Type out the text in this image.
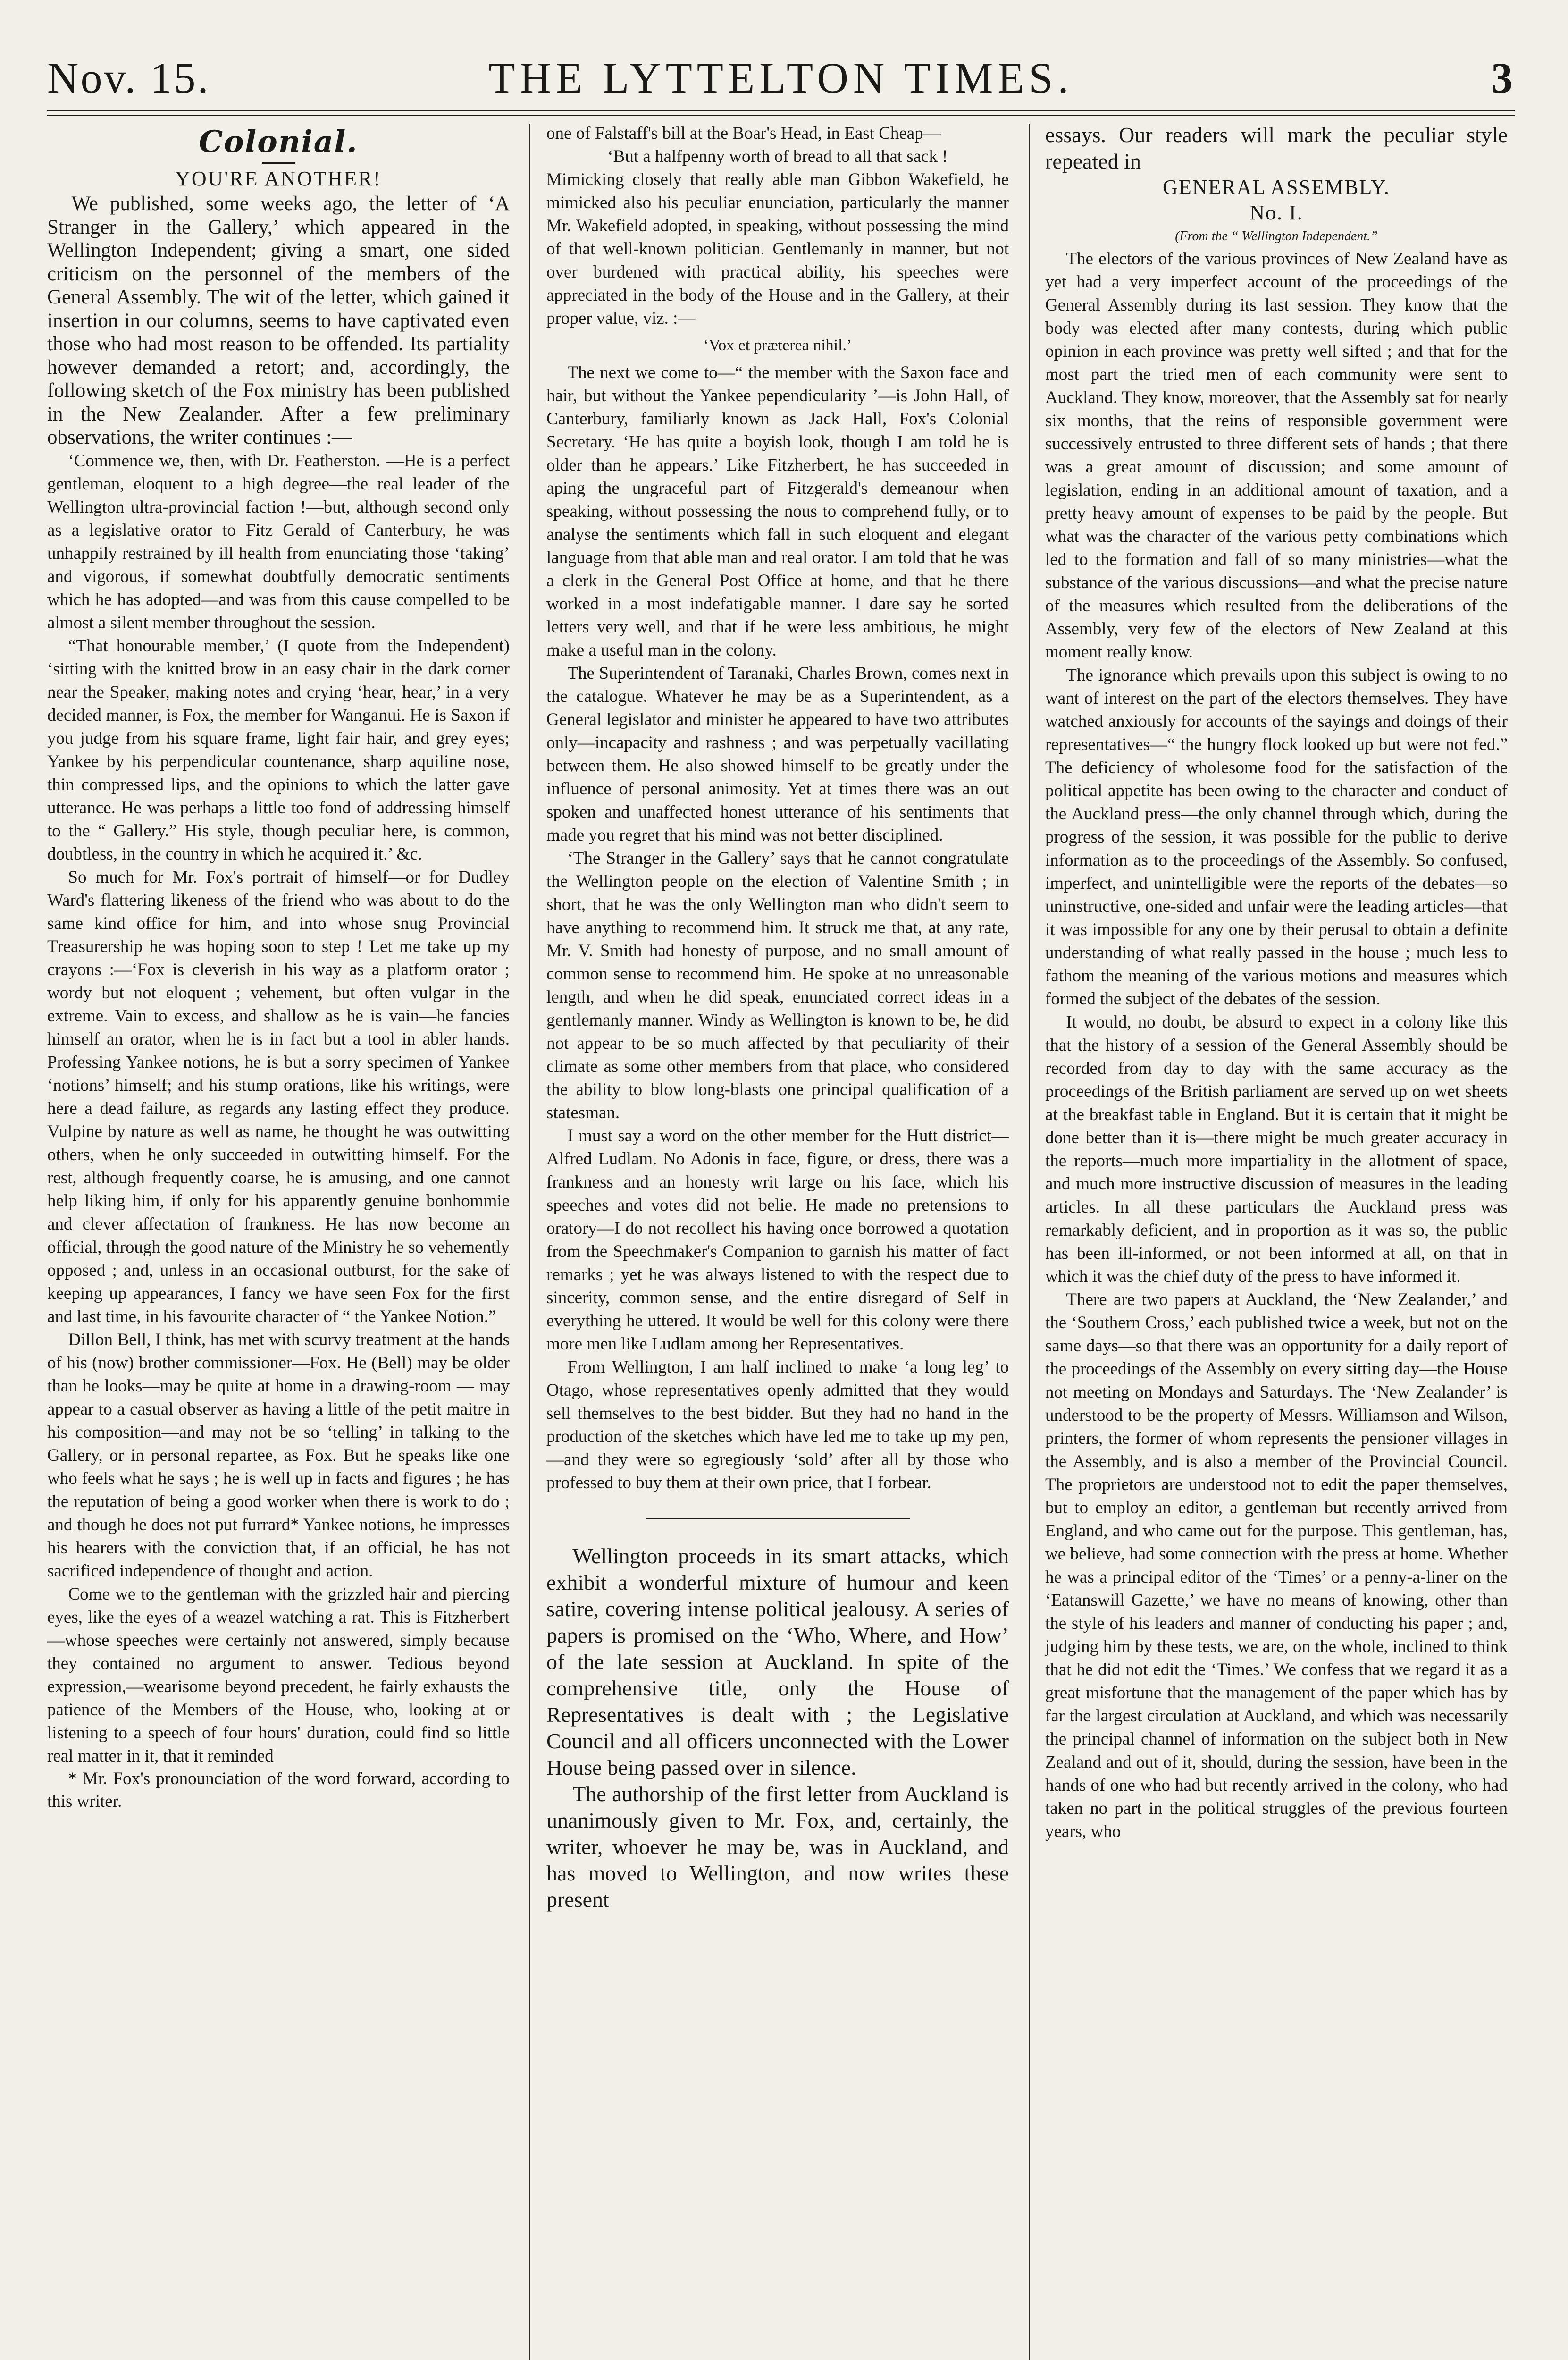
THE LYTTELTON TIMES.
Nov. 15.	3
Colonial.
YOU'RE ANOTHER!

We published, some weeks ago, the letter of ‘A Stranger in the Gallery,’ which appeared in the Wellington Independent; giving a smart, one sided criticism on the personnel of the members of the General Assembly. The wit of the letter, which gained it insertion in our columns, seems to have captivated even those who had most reason to be offended. Its partiality however demanded a retort; and, accordingly, the following sketch of the Fox ministry has been published in the New Zealander. After a few preliminary observations, the writer continues :—

‘Commence we, then, with Dr. Featherston. —He is a perfect gentleman, eloquent to a high degree—the real leader of the Wellington ultra-provincial faction !—but, although second only as a legislative orator to Fitz Gerald of Canterbury, he was unhappily restrained by ill health from enunciating those ‘taking’ and vigorous, if somewhat doubtfully democratic sentiments which he has adopted—and was from this cause compelled to be almost a silent member throughout the session.

“That honourable member,’ (I quote from the Independent) ‘sitting with the knitted brow in an easy chair in the dark corner near the Speaker, making notes and crying ‘hear, hear,’ in a very decided manner, is Fox, the member for Wanganui. He is Saxon if you judge from his square frame, light fair hair, and grey eyes; Yankee by his perpendicular countenance, sharp aquiline nose, thin compressed lips, and the opinions to which the latter gave utterance. He was perhaps a little too fond of addressing himself to the “ Gallery.” His style, though peculiar here, is common, doubtless, in the country in which he acquired it.’ &c.

So much for Mr. Fox's portrait of himself—or for Dudley Ward's flattering likeness of the friend who was about to do the same kind office for him, and into whose snug Provincial Treasurership he was hoping soon to step ! Let me take up my crayons :—‘Fox is cleverish in his way as a platform orator ; wordy but not eloquent ; vehement, but often vulgar in the extreme. Vain to excess, and shallow as he is vain—he fancies himself an orator, when he is in fact but a tool in abler hands. Professing Yankee notions, he is but a sorry specimen of Yankee ‘notions’ himself; and his stump orations, like his writings, were here a dead failure, as regards any lasting effect they produce. Vulpine by nature as well as name, he thought he was outwitting others, when he only succeeded in outwitting himself. For the rest, although frequently coarse, he is amusing, and one cannot help liking him, if only for his apparently genuine bonhommie and clever affectation of frankness. He has now become an official, through the good nature of the Ministry he so vehemently opposed ; and, unless in an occasional outburst, for the sake of keeping up appearances, I fancy we have seen Fox for the first and last time, in his favourite character of “ the Yankee Notion.”

Dillon Bell, I think, has met with scurvy treatment at the hands of his (now) brother commissioner—Fox. He (Bell) may be older than he looks—may be quite at home in a drawing-room — may appear to a casual observer as having a little of the petit maitre in his composition—and may not be so ‘telling’ in talking to the Gallery, or in personal repartee, as Fox. But he speaks like one who feels what he says ; he is well up in facts and figures ; he has the reputation of being a good worker when there is work to do ; and though he does not put furrard* Yankee notions, he impresses his hearers with the conviction that, if an official, he has not sacrificed independence of thought and action.

Come we to the gentleman with the grizzled hair and piercing eyes, like the eyes of a weazel watching a rat. This is Fitzherbert—whose speeches were certainly not answered, simply because they contained no argument to answer. Tedious beyond expression,—wearisome beyond precedent, he fairly exhausts the patience of the Members of the House, who, looking at or listening to a speech of four hours' duration, could find so little real matter in it, that it reminded

* Mr. Fox's pronounciation of the word forward, according to this writer.

one of Falstaff's bill at the Boar's Head, in East Cheap—

‘But a halfpenny worth of bread to all that sack !

Mimicking closely that really able man Gibbon Wakefield, he mimicked also his peculiar enunciation, particularly the manner Mr. Wakefield adopted, in speaking, without possessing the mind of that well-known politician. Gentlemanly in manner, but not over burdened with practical ability, his speeches were appreciated in the body of the House and in the Gallery, at their proper value, viz. :—

‘Vox et præterea nihil.’

The next we come to—“ the member with the Saxon face and hair, but without the Yankee pependicularity ’—is John Hall, of Canterbury, familiarly known as Jack Hall, Fox's Colonial Secretary. ‘He has quite a boyish look, though I am told he is older than he appears.’ Like Fitzherbert, he has succeeded in aping the ungraceful part of Fitzgerald's demeanour when speaking, without possessing the nous to comprehend fully, or to analyse the sentiments which fall in such eloquent and elegant language from that able man and real orator. I am told that he was a clerk in the General Post Office at home, and that he there worked in a most indefatigable manner. I dare say he sorted letters very well, and that if he were less ambitious, he might make a useful man in the colony.

The Superintendent of Taranaki, Charles Brown, comes next in the catalogue. Whatever he may be as a Superintendent, as a General legislator and minister he appeared to have two attributes only—incapacity and rashness ; and was perpetually vacillating between them. He also showed himself to be greatly under the influence of personal animosity. Yet at times there was an out spoken and unaffected honest utterance of his sentiments that made you regret that his mind was not better disciplined.

‘The Stranger in the Gallery’ says that he cannot congratulate the Wellington people on the election of Valentine Smith ; in short, that he was the only Wellington man who didn't seem to have anything to recommend him. It struck me that, at any rate, Mr. V. Smith had honesty of purpose, and no small amount of common sense to recommend him. He spoke at no unreasonable length, and when he did speak, enunciated correct ideas in a gentlemanly manner. Windy as Wellington is known to be, he did not appear to be so much affected by that peculiarity of their climate as some other members from that place, who considered the ability to blow long-blasts one principal qualification of a statesman.

I must say a word on the other member for the Hutt district—Alfred Ludlam. No Adonis in face, figure, or dress, there was a frankness and an honesty writ large on his face, which his speeches and votes did not belie. He made no pretensions to oratory—I do not recollect his having once borrowed a quotation from the Speechmaker's Companion to garnish his matter of fact remarks ; yet he was always listened to with the respect due to sincerity, common sense, and the entire disregard of Self in everything he uttered. It would be well for this colony were there more men like Ludlam among her Representatives.

From Wellington, I am half inclined to make ‘a long leg’ to Otago, whose representatives openly admitted that they would sell themselves to the best bidder. But they had no hand in the production of the sketches which have led me to take up my pen,—and they were so egregiously ‘sold’ after all by those who professed to buy them at their own price, that I forbear.

Wellington proceeds in its smart attacks, which exhibit a wonderful mixture of humour and keen satire, covering intense political jealousy. A series of papers is promised on the ‘Who, Where, and How’ of the late session at Auckland. In spite of the comprehensive title, only the House of Representatives is dealt with ; the Legislative Council and all officers unconnected with the Lower House being passed over in silence.

The authorship of the first letter from Auckland is unanimously given to Mr. Fox, and, certainly, the writer, whoever he may be, was in Auckland, and has moved to Wellington, and now writes these present

essays. Our readers will mark the peculiar style repeated in

GENERAL ASSEMBLY.
No. I.
(From the “ Wellington Independent.”

The electors of the various provinces of New Zealand have as yet had a very imperfect account of the proceedings of the General Assembly during its last session. They know that the body was elected after many contests, during which public opinion in each province was pretty well sifted ; and that for the most part the tried men of each community were sent to Auckland. They know, moreover, that the Assembly sat for nearly six months, that the reins of responsible government were successively entrusted to three different sets of hands ; that there was a great amount of discussion; and some amount of legislation, ending in an additional amount of taxation, and a pretty heavy amount of expenses to be paid by the people. But what was the character of the various petty combinations which led to the formation and fall of so many ministries—what the substance of the various discussions—and what the precise nature of the measures which resulted from the deliberations of the Assembly, very few of the electors of New Zealand at this moment really know.

The ignorance which prevails upon this subject is owing to no want of interest on the part of the electors themselves. They have watched anxiously for accounts of the sayings and doings of their representatives—“ the hungry flock looked up but were not fed.” The deficiency of wholesome food for the satisfaction of the political appetite has been owing to the character and conduct of the Auckland press—the only channel through which, during the progress of the session, it was possible for the public to derive information as to the proceedings of the Assembly. So confused, imperfect, and unintelligible were the reports of the debates—so uninstructive, one-sided and unfair were the leading articles—that it was impossible for any one by their perusal to obtain a definite understanding of what really passed in the house ; much less to fathom the meaning of the various motions and measures which formed the subject of the debates of the session.

It would, no doubt, be absurd to expect in a colony like this that the history of a session of the General Assembly should be recorded from day to day with the same accuracy as the proceedings of the British parliament are served up on wet sheets at the breakfast table in England. But it is certain that it might be done better than it is—there might be much greater accuracy in the reports—much more impartiality in the allotment of space, and much more instructive discussion of measures in the leading articles. In all these particulars the Auckland press was remarkably deficient, and in proportion as it was so, the public has been ill-informed, or not been informed at all, on that in which it was the chief duty of the press to have informed it.

There are two papers at Auckland, the ‘New Zealander,’ and the ‘Southern Cross,’ each published twice a week, but not on the same days—so that there was an opportunity for a daily report of the proceedings of the Assembly on every sitting day—the House not meeting on Mondays and Saturdays. The ‘New Zealander’ is understood to be the property of Messrs. Williamson and Wilson, printers, the former of whom represents the pensioner villages in the Assembly, and is also a member of the Provincial Council. The proprietors are understood not to edit the paper themselves, but to employ an editor, a gentleman but recently arrived from England, and who came out for the purpose. This gentleman, has, we believe, had some connection with the press at home. Whether he was a principal editor of the ‘Times’ or a penny-a-liner on the ‘Eatanswill Gazette,’ we have no means of knowing, other than the style of his leaders and manner of conducting his paper ; and, judging him by these tests, we are, on the whole, inclined to think that he did not edit the ‘Times.’ We confess that we regard it as a great misfortune that the management of the paper which has by far the largest circulation at Auckland, and which was necessarily the principal channel of information on the subject both in New Zealand and out of it, should, during the session, have been in the hands of one who had but recently arrived in the colony, who had taken no part in the political struggles of the previous fourteen years, who
